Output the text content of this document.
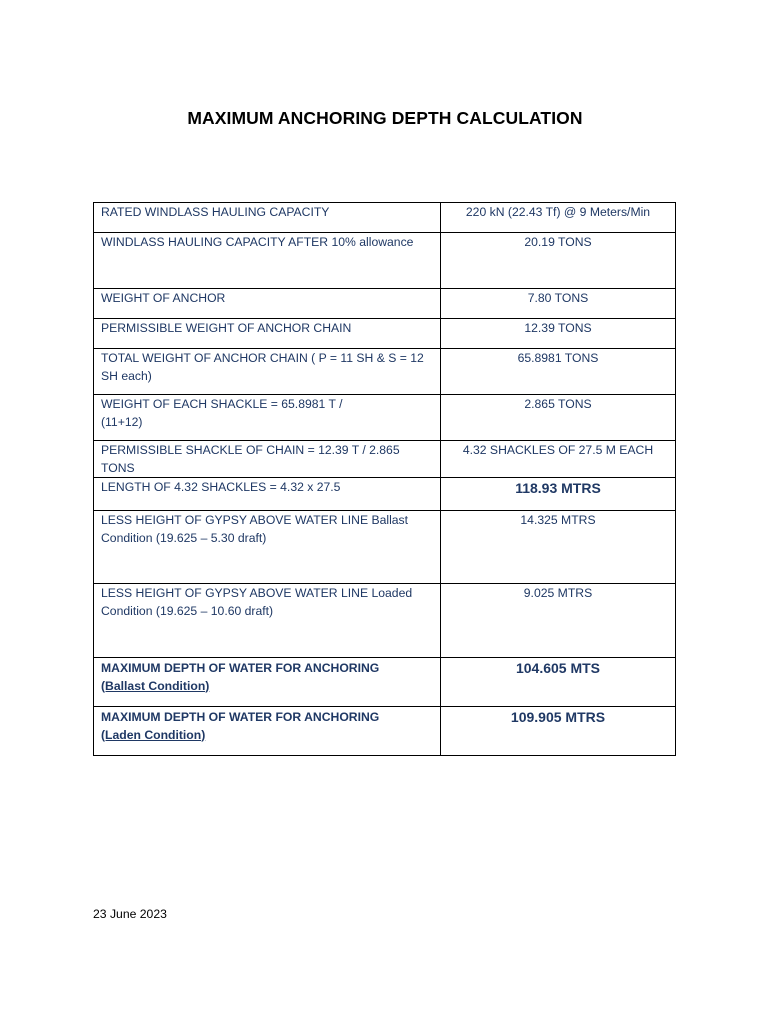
MAXIMUM ANCHORING DEPTH CALCULATION
RATED WINDLASS HAULING CAPACITY	220 kN (22.43 Tf) @ 9 Meters/Min
WINDLASS HAULING CAPACITY AFTER 10% allowance	20.19 TONS
WEIGHT OF ANCHOR	7.80 TONS
PERMISSIBLE WEIGHT OF ANCHOR CHAIN	12.39 TONS
TOTAL WEIGHT OF ANCHOR CHAIN ( P = 11 SH & S = 12 SH each)	65.8981 TONS

WEIGHT OF EACH SHACKLE = 65.8981 T /
(11+12)	2.865 TONS
PERMISSIBLE SHACKLE OF CHAIN = 12.39 T / 2.865 TONS	4.32 SHACKLES OF 27.5 M EACH
LENGTH OF 4.32 SHACKLES = 4.32 x 27.5	118.93 MTRS
LESS HEIGHT OF GYPSY ABOVE WATER LINE Ballast Condition (19.625 – 5.30 draft)	14.325 MTRS
LESS HEIGHT OF GYPSY ABOVE WATER LINE Loaded Condition (19.625 – 10.60 draft)	9.025 MTRS

MAXIMUM DEPTH OF WATER FOR ANCHORING
(Ballast Condition)	104.605 MTS

MAXIMUM DEPTH OF WATER FOR ANCHORING
(Laden Condition)	109.905 MTRS
23 June 2023
